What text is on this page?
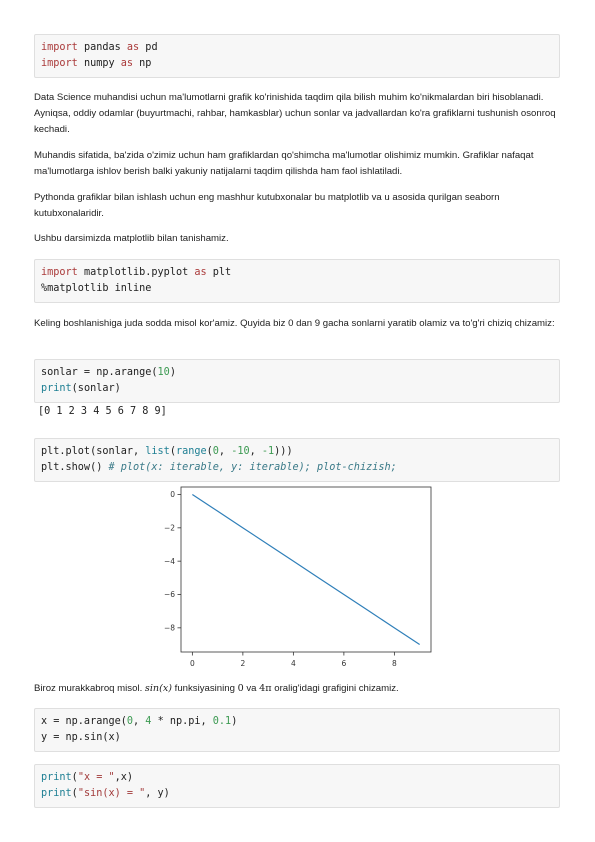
import pandas as pd
import numpy as np

Data Science muhandisi uchun ma'lumotlarni grafik ko'rinishida taqdim qila bilish muhim ko'nikmalardan biri hisoblanadi. Ayniqsa, oddiy odamlar (buyurtmachi, rahbar, hamkasblar) uchun sonlar va jadvallardan ko'ra grafiklarni tushunish osonroq kechadi.

Muhandis sifatida, ba'zida o'zimiz uchun ham grafiklardan qo'shimcha ma'lumotlar olishimiz mumkin. Grafiklar nafaqat ma'lumotlarga ishlov berish balki yakuniy natijalarni taqdim qilishda ham faol ishlatiladi.

Pythonda grafiklar bilan ishlash uchun eng mashhur kutubxonalar bu matplotlib va u asosida qurilgan seaborn kutubxonalaridir.

Ushbu darsimizda matplotlib bilan tanishamiz.

import matplotlib.pyplot as plt
%matplotlib inline

Keling boshlanishiga juda sodda misol kor'amiz. Quyida biz 0 dan 9 gacha sonlarni yaratib olamiz va to'g'ri chiziq chizamiz:

sonlar = np.arange(10)
print(sonlar)
[0 1 2 3 4 5 6 7 8 9]
plt.plot(sonlar, list(range(0, -10, -1)))
plt.show() # plot(x: iterable, y: iterable); plot-chizish;
0	2	4	6	8
0
−2
−4
−6
−8

Biroz murakkabroq misol. sin(x) funksiyasining 0 va 4π oralig'idagi grafigini chizamiz.

x = np.arange(0, 4 * np.pi, 0.1)
y = np.sin(x)
print("x = ",x)
print("sin(x) = ", y)
